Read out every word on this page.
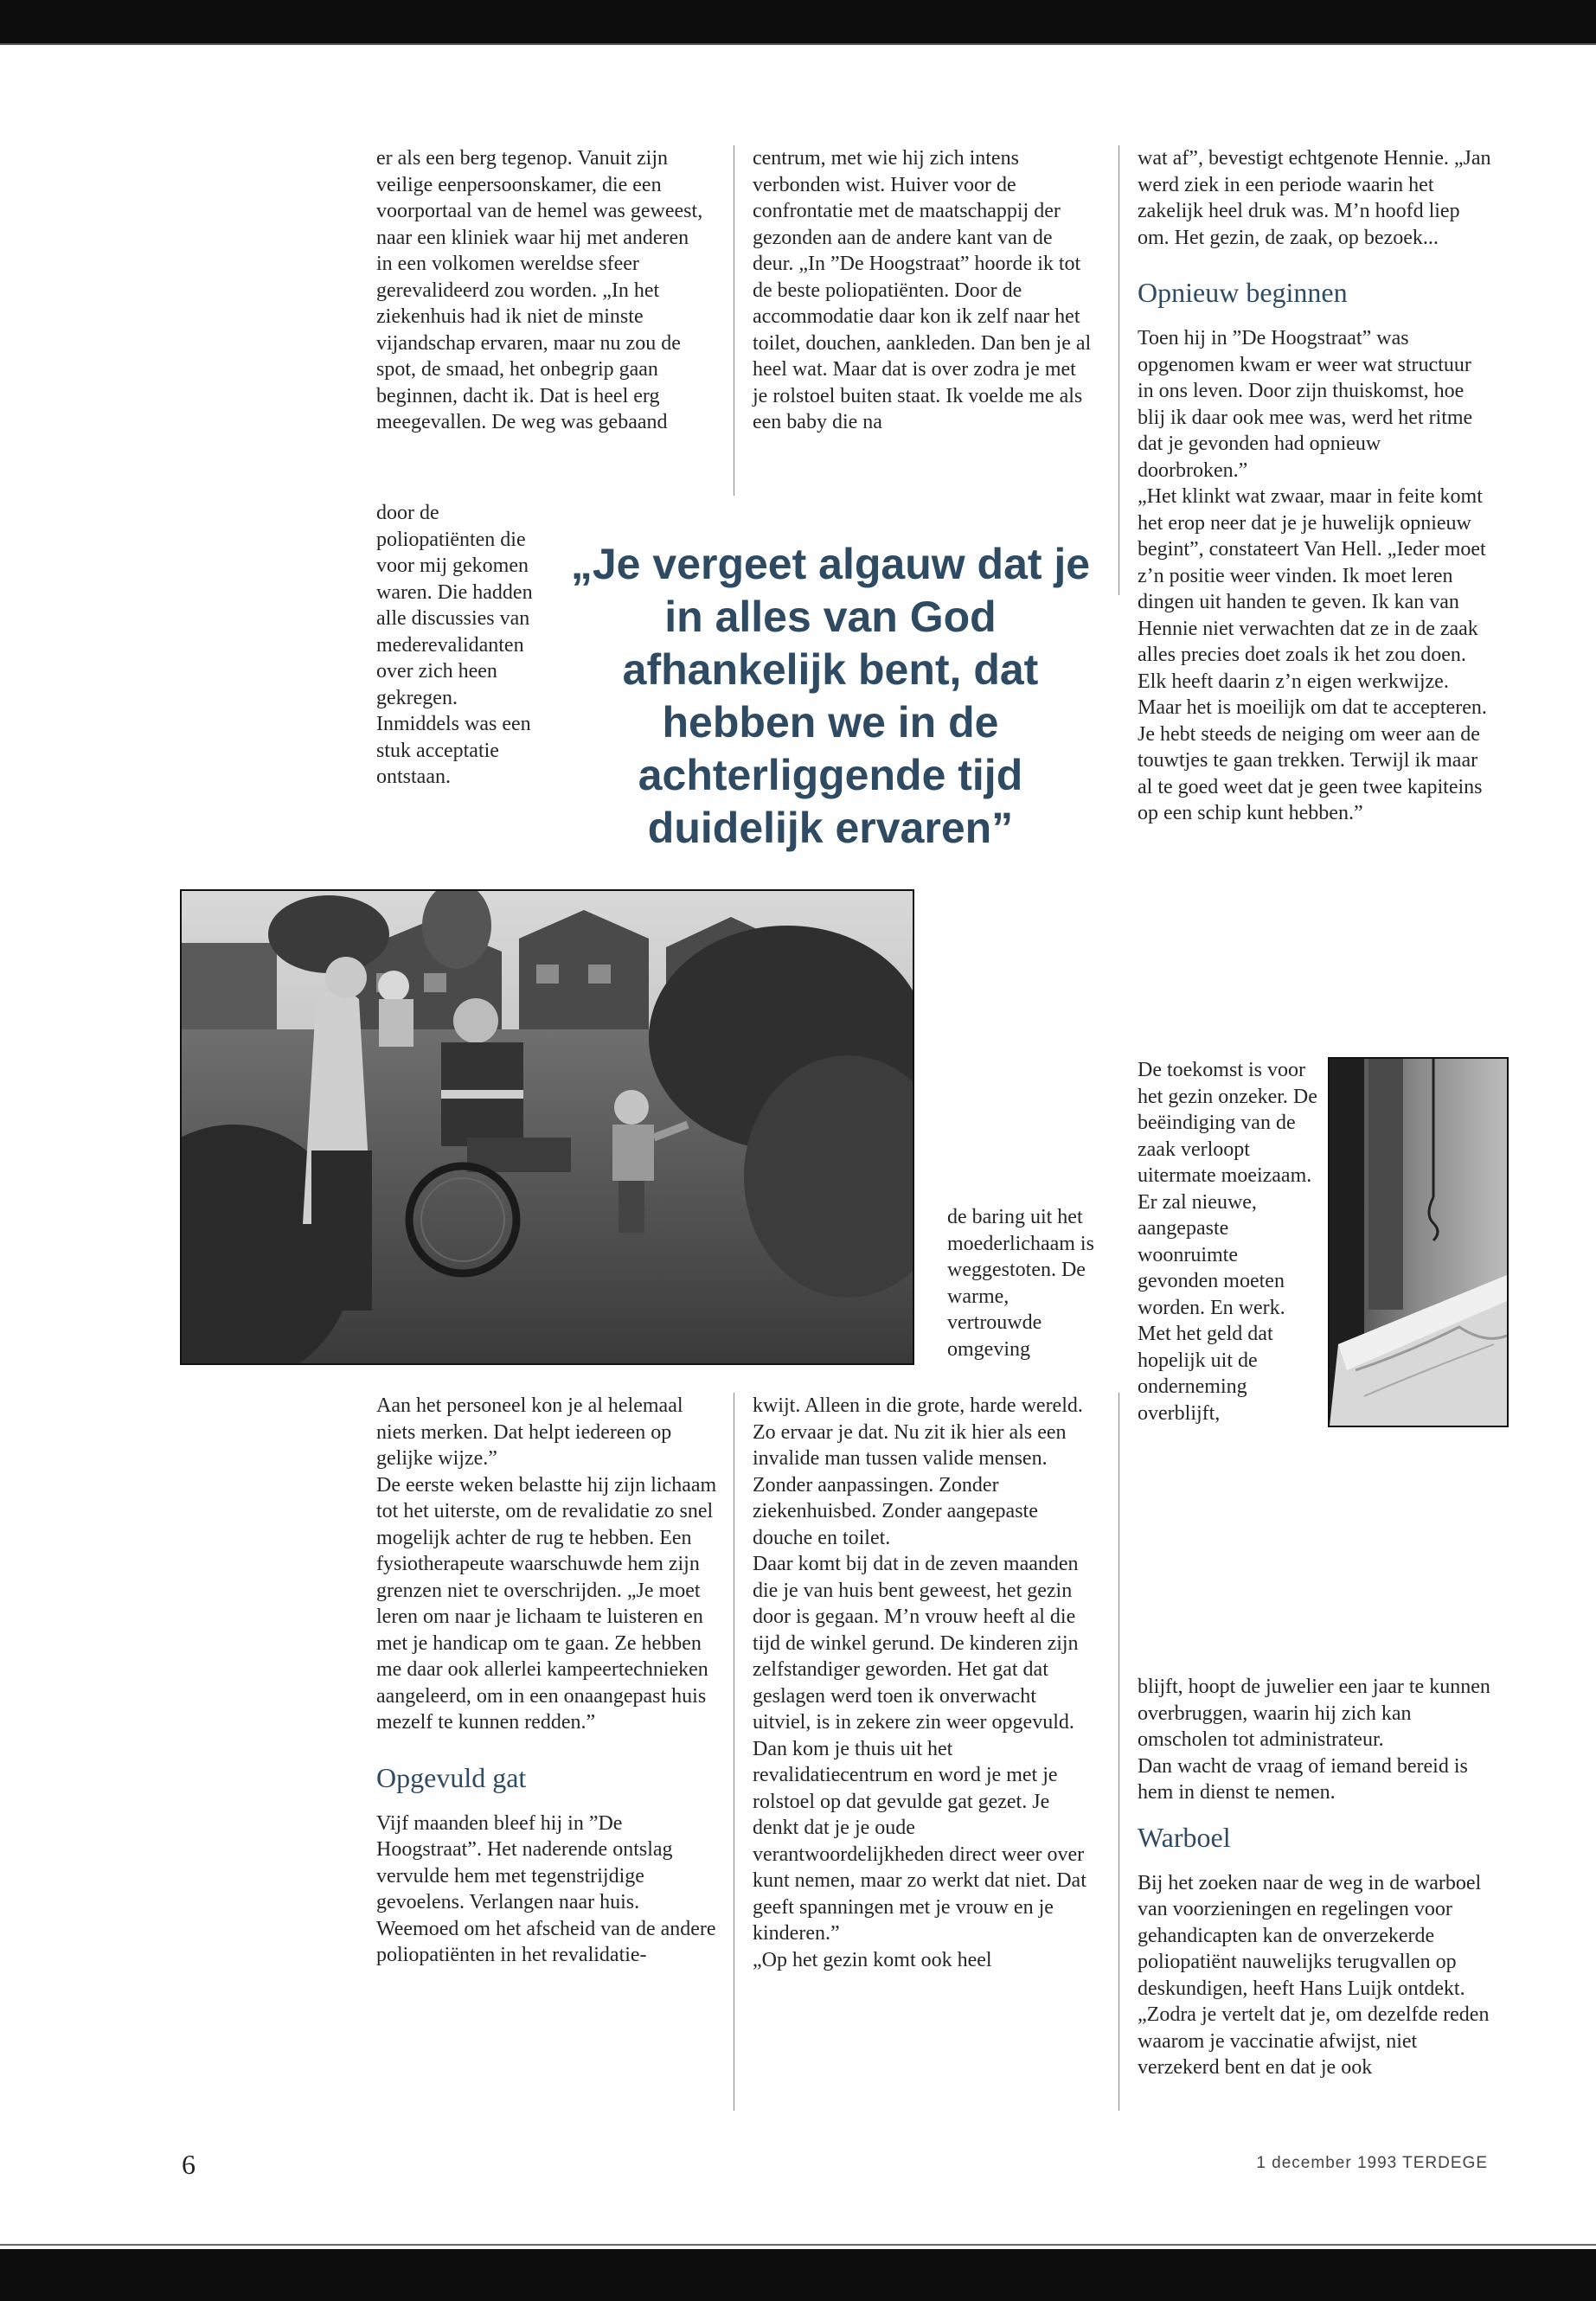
er als een berg tegenop. Vanuit zijn veilige eenpersoonskamer, die een voorportaal van de hemel was geweest, naar een kliniek waar hij met anderen in een volkomen wereldse sfeer gerevalideerd zou worden. „In het ziekenhuis had ik niet de minste vijandschap ervaren, maar nu zou de spot, de smaad, het onbegrip gaan beginnen, dacht ik. Dat is heel erg meegevallen. De weg was gebaand

door de poliopatiënten die voor mij gekomen waren. Die hadden alle discussies van mederevalidanten over zich heen gekregen. Inmiddels was een stuk acceptatie ontstaan.

centrum, met wie hij zich intens verbonden wist. Huiver voor de confrontatie met de maatschappij der gezonden aan de andere kant van de deur. „In ”De Hoogstraat” hoorde ik tot de beste poliopatiënten. Door de accommodatie daar kon ik zelf naar het toilet, douchen, aankleden. Dan ben je al heel wat. Maar dat is over zodra je met je rolstoel buiten staat. Ik voelde me als een baby die na

„Je vergeet algauw dat je in alles van God afhankelijk bent, dat hebben we in de achterliggende tijd duidelijk ervaren”

wat af”, bevestigt echtgenote Hennie. „Jan werd ziek in een periode waarin het zakelijk heel druk was. M’n hoofd liep om. Het gezin, de zaak, op bezoek...

Opnieuw beginnen

Toen hij in ”De Hoogstraat” was opgenomen kwam er weer wat structuur in ons leven. Door zijn thuiskomst, hoe blij ik daar ook mee was, werd het ritme dat je gevonden had opnieuw doorbroken.”

„Het klinkt wat zwaar, maar in feite komt het erop neer dat je je huwelijk opnieuw begint”, constateert Van Hell. „Ieder moet z’n positie weer vinden. Ik moet leren dingen uit handen te geven. Ik kan van Hennie niet verwachten dat ze in de zaak alles precies doet zoals ik het zou doen. Elk heeft daarin z’n eigen werkwijze. Maar het is moeilijk om dat te accepteren. Je hebt steeds de neiging om weer aan de touwtjes te gaan trekken. Terwijl ik maar al te goed weet dat je geen twee kapiteins op een schip kunt hebben.”

de baring uit het moederlichaam is weggestoten. De warme, vertrouwde omgeving

De toekomst is voor het gezin onzeker. De beëindiging van de zaak verloopt uitermate moeizaam. Er zal nieuwe, aangepaste woonruimte gevonden moeten worden. En werk. Met het geld dat hopelijk uit de onderneming overblijft,

Aan het personeel kon je al helemaal niets merken. Dat helpt iedereen op gelijke wijze.”

De eerste weken belastte hij zijn lichaam tot het uiterste, om de revalidatie zo snel mogelijk achter de rug te hebben. Een fysiotherapeute waarschuwde hem zijn grenzen niet te overschrijden. „Je moet leren om naar je lichaam te luisteren en met je handicap om te gaan. Ze hebben me daar ook allerlei kampeertechnieken aangeleerd, om in een onaangepast huis mezelf te kunnen redden.”

Opgevuld gat

Vijf maanden bleef hij in ”De Hoogstraat”. Het naderende ontslag vervulde hem met tegenstrijdige gevoelens. Verlangen naar huis. Weemoed om het afscheid van de andere poliopatiënten in het revalidatie-

kwijt. Alleen in die grote, harde wereld. Zo ervaar je dat. Nu zit ik hier als een invalide man tussen valide mensen. Zonder aanpassingen. Zonder ziekenhuisbed. Zonder aangepaste douche en toilet.

Daar komt bij dat in de zeven maanden die je van huis bent geweest, het gezin door is gegaan. M’n vrouw heeft al die tijd de winkel gerund. De kinderen zijn zelfstandiger geworden. Het gat dat geslagen werd toen ik onverwacht uitviel, is in zekere zin weer opgevuld. Dan kom je thuis uit het revalidatiecentrum en word je met je rolstoel op dat gevulde gat gezet. Je denkt dat je je oude verantwoordelijkheden direct weer over kunt nemen, maar zo werkt dat niet. Dat geeft spanningen met je vrouw en je kinderen.”

„Op het gezin komt ook heel

blijft, hoopt de juwelier een jaar te kunnen overbruggen, waarin hij zich kan omscholen tot administrateur.

Dan wacht de vraag of iemand bereid is hem in dienst te nemen.

Warboel

Bij het zoeken naar de weg in de warboel van voorzieningen en regelingen voor gehandicapten kan de onverzekerde poliopatiënt nauwelijks terugvallen op deskundigen, heeft Hans Luijk ontdekt. „Zodra je vertelt dat je, om dezelfde reden waarom je vaccinatie afwijst, niet verzekerd bent en dat je ook

6	1 december 1993 TERDEGE
